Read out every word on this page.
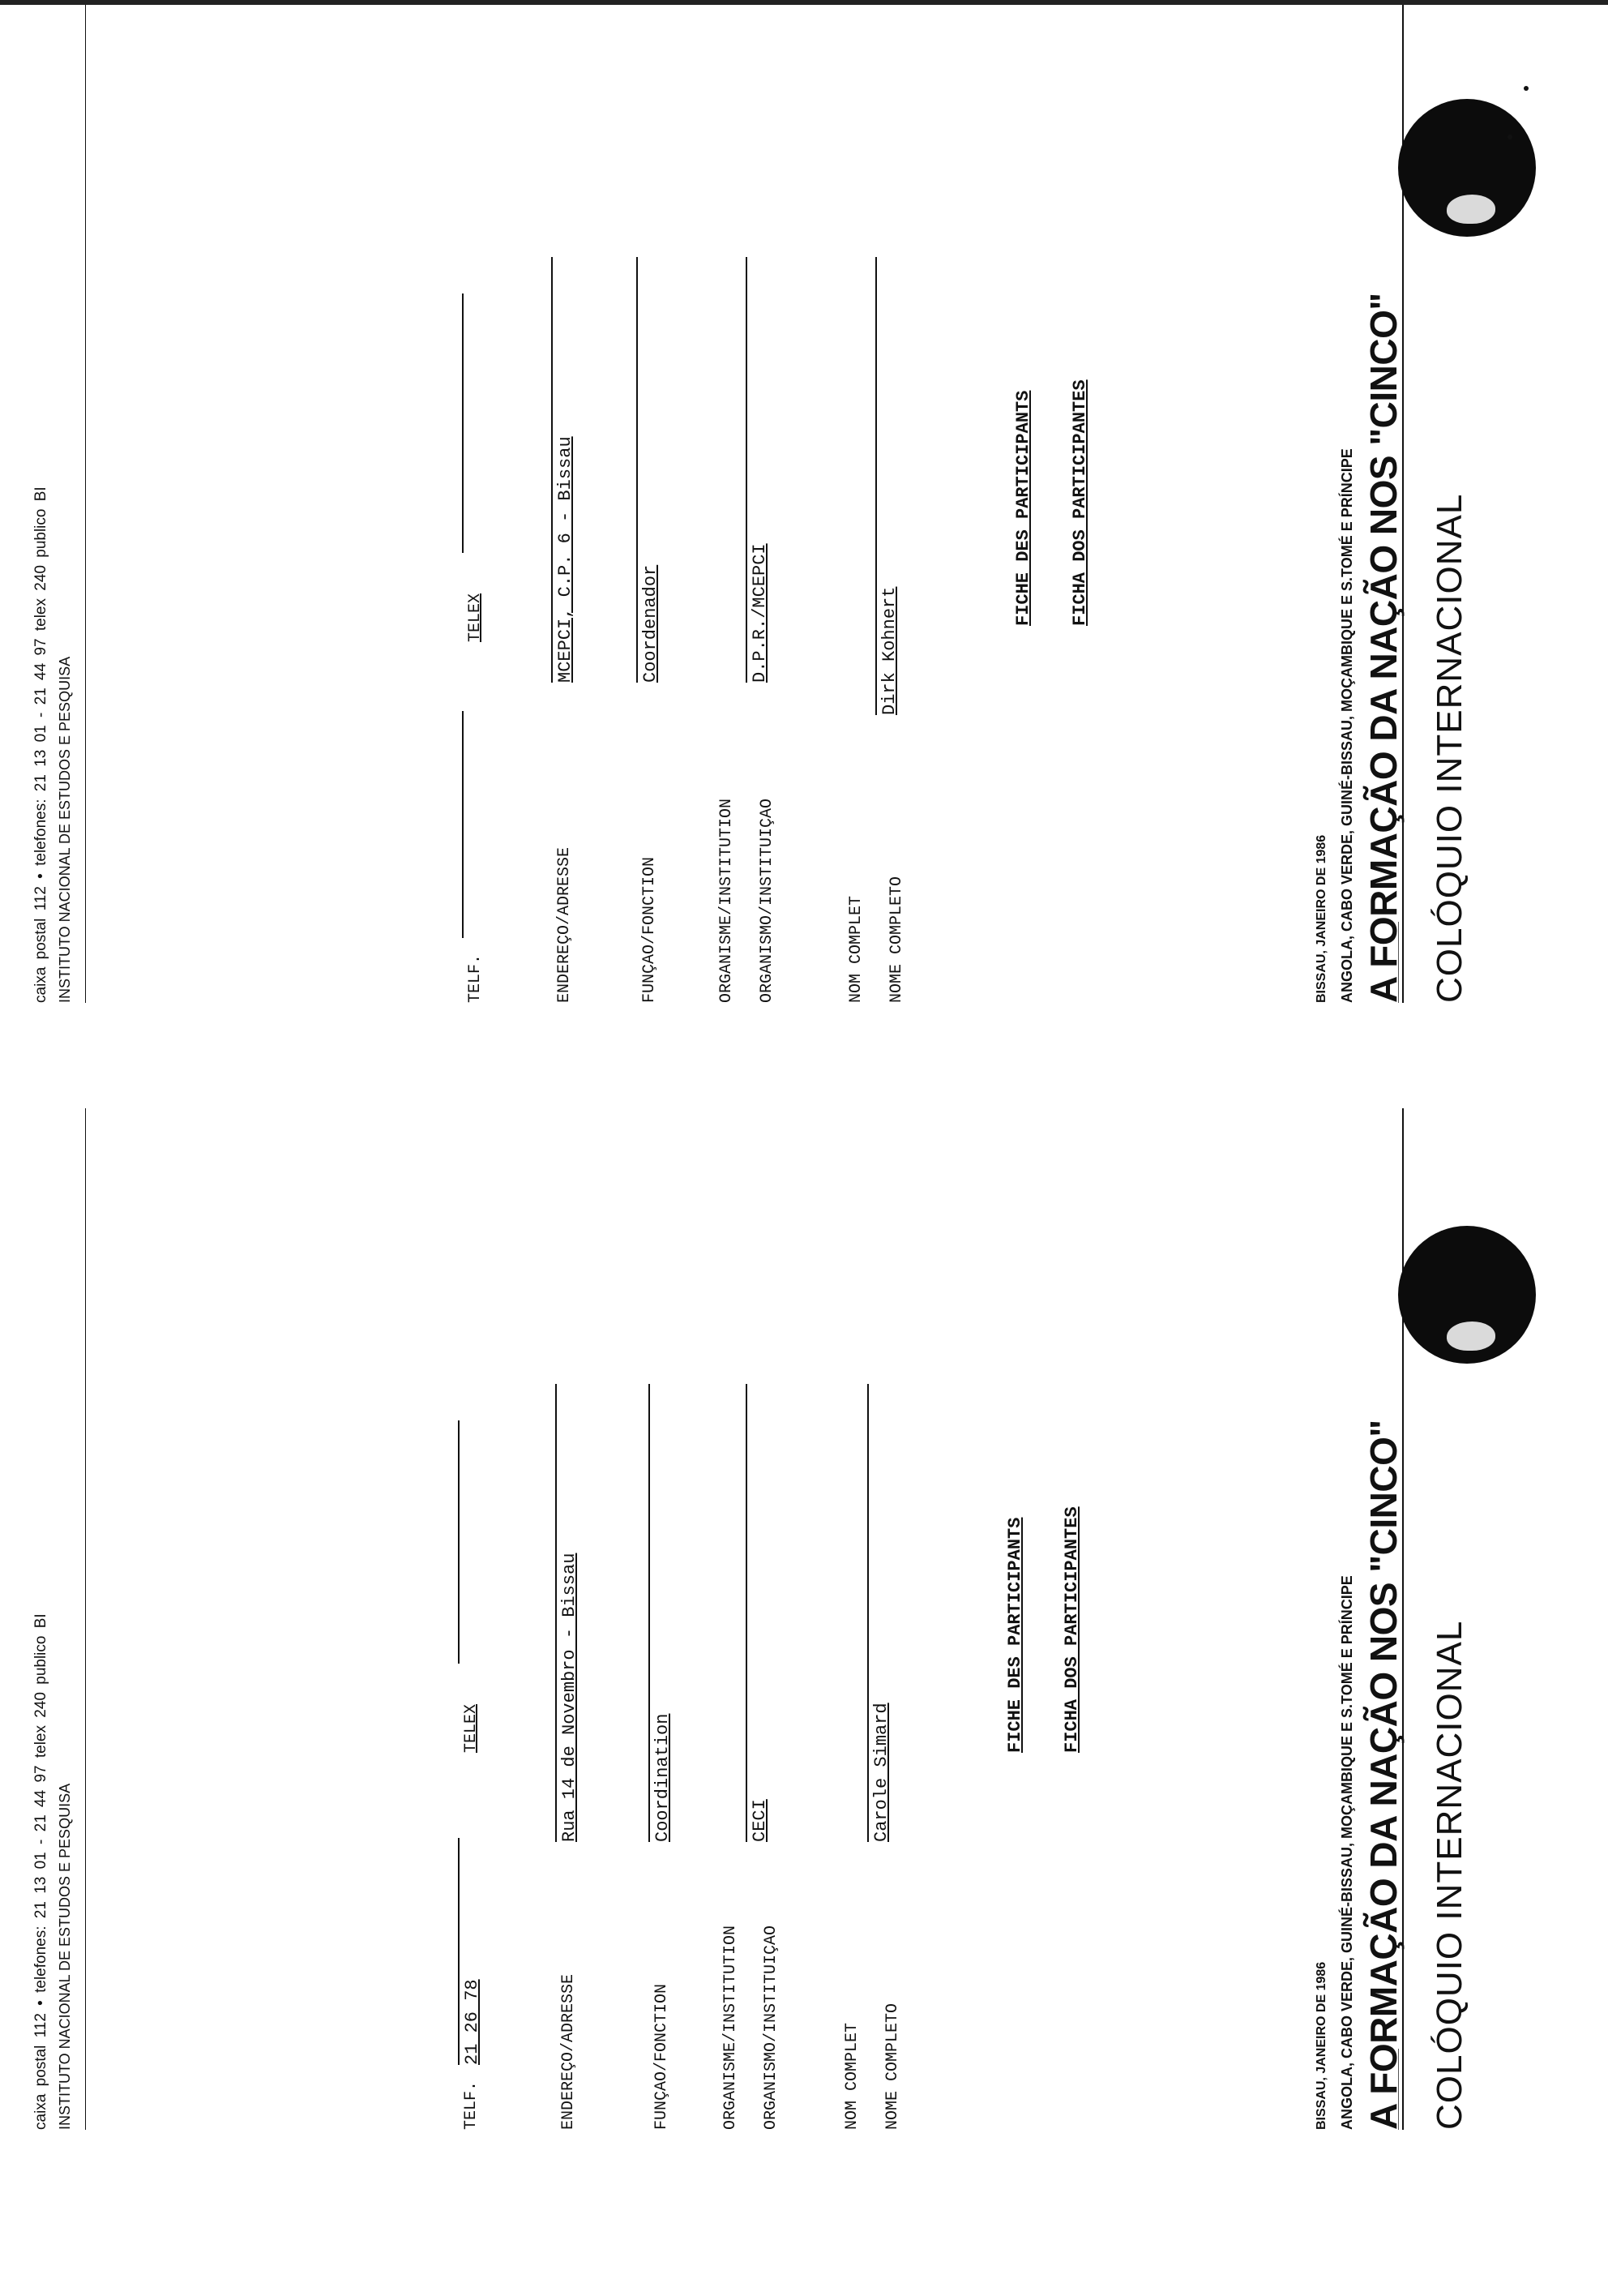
COLÓQUIO INTERNACIONAL
A FORMAÇÃO DA NAÇÃO NOS "CINCO"
ANGOLA, CABO VERDE, GUINÉ-BISSAU, MOÇAMBIQUE E S.TOMÉ E PRÍNCIPE
BISSAU, JANEIRO DE 1986
FICHA DOS PARTICIPANTES
FICHE DES PARTICIPANTS
NOME COMPLETO
NOM COMPLET
Carole Simard
ORGANISMO/INSTITUIÇAO
ORGANISME/INSTITUTION
CECI
FUNÇAO/FONCTION
Coordination
ENDEREÇO/ADRESSE
Rua 14 de Novembro - Bissau
TELF.
21 26 78
TELEX
INSTITUTO NACIONAL DE ESTUDOS E PESQUISA
caixa postal 112 • telefones: 21 13 01 - 21 44 97 telex 240 publico BI
COLÓQUIO INTERNACIONAL
A FORMAÇÃO DA NAÇÃO NOS "CINCO"
ANGOLA, CABO VERDE, GUINÉ-BISSAU, MOÇAMBIQUE E S.TOMÉ E PRÍNCIPE
BISSAU, JANEIRO DE 1986
FICHA DOS PARTICIPANTES
FICHE DES PARTICIPANTS
NOME COMPLETO
NOM COMPLET
Dirk Kohnert
ORGANISMO/INSTITUIÇAO
ORGANISME/INSTITUTION
D.P.R./MCEPCI
FUNÇAO/FONCTION
Coordenador
ENDEREÇO/ADRESSE
MCEPCI, C.P. 6 - Bissau
TELF.
TELEX
INSTITUTO NACIONAL DE ESTUDOS E PESQUISA
caixa postal 112 • telefones: 21 13 01 - 21 44 97 telex 240 publico BI
